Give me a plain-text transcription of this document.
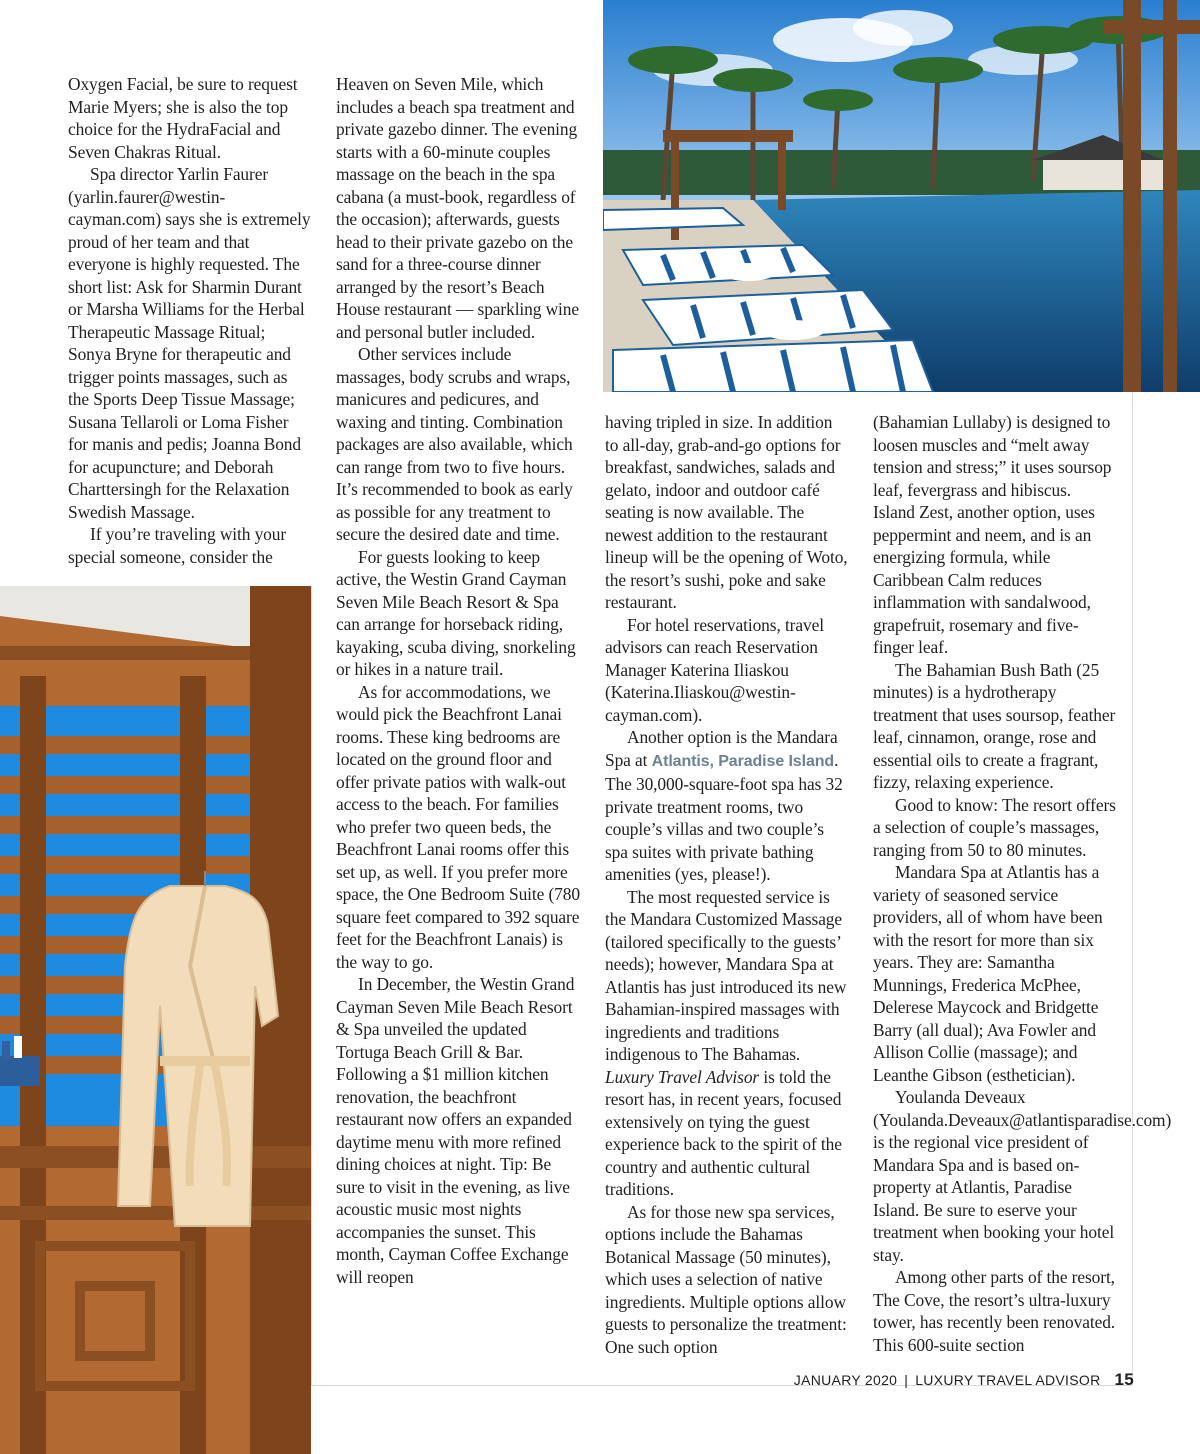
Oxygen Facial, be sure to request Marie Myers; she is also the top choice for the HydraFacial and Seven Chakras Ritual.

Spa director Yarlin Faurer (yarlin.faurer@westin-cayman.com) says she is extremely proud of her team and that everyone is highly requested. The short list: Ask for Sharmin Durant or Marsha Williams for the Herbal Therapeutic Massage Ritual; Sonya Bryne for therapeutic and trigger points massages, such as the Sports Deep Tissue Massage; Susana Tellaroli or Loma Fisher for manis and pedis; Joanna Bond for acupuncture; and Deborah Charttersingh for the Relaxation Swedish Massage.

If you’re traveling with your special someone, consider the

Heaven on Seven Mile, which includes a beach spa treatment and private gazebo dinner. The evening starts with a 60-minute couples massage on the beach in the spa cabana (a must-book, regardless of the occasion); afterwards, guests head to their private gazebo on the sand for a three-course dinner arranged by the resort’s Beach House restaurant — sparkling wine and personal butler included.

Other services include massages, body scrubs and wraps, manicures and pedicures, and waxing and tinting. Combination packages are also available, which can range from two to five hours. It’s recommended to book as early as possible for any treatment to secure the desired date and time.

For guests looking to keep active, the Westin Grand Cayman Seven Mile Beach Resort & Spa can arrange for horseback riding, kayaking, scuba diving, snorkeling or hikes in a nature trail.

As for accommodations, we would pick the Beachfront Lanai rooms. These king bedrooms are located on the ground floor and offer private patios with walk-out access to the beach. For families who prefer two queen beds, the Beachfront Lanai rooms offer this set up, as well. If you prefer more space, the One Bedroom Suite (780 square feet compared to 392 square feet for the Beachfront Lanais) is the way to go.

In December, the Westin Grand Cayman Seven Mile Beach Resort & Spa unveiled the updated Tortuga Beach Grill & Bar. Following a $1 million kitchen renovation, the beachfront restaurant now offers an expanded daytime menu with more refined dining choices at night. Tip: Be sure to visit in the evening, as live acoustic music most nights accompanies the sunset. This month, Cayman Coffee Exchange will reopen

having tripled in size. In addition to all-day, grab-and-go options for breakfast, sandwiches, salads and gelato, indoor and outdoor café seating is now available. The newest addition to the restaurant lineup will be the opening of Woto, the resort’s sushi, poke and sake restaurant.

For hotel reservations, travel advisors can reach Reservation Manager Katerina Iliaskou (Katerina.Iliaskou@westin-cayman.com).

Another option is the Mandara Spa at Atlantis, Paradise Island. The 30,000-square-foot spa has 32 private treatment rooms, two couple’s villas and two couple’s spa suites with private bathing amenities (yes, please!).

The most requested service is the Mandara Customized Massage (tailored specifically to the guests’ needs); however, Mandara Spa at Atlantis has just introduced its new Bahamian-inspired massages with ingredients and traditions indigenous to The Bahamas. Luxury Travel Advisor is told the resort has, in recent years, focused extensively on tying the guest experience back to the spirit of the country and authentic cultural traditions.

As for those new spa services, options include the Bahamas Botanical Massage (50 minutes), which uses a selection of native ingredients. Multiple options allow guests to personalize the treatment: One such option

(Bahamian Lullaby) is designed to loosen muscles and “melt away tension and stress;” it uses soursop leaf, fevergrass and hibiscus. Island Zest, another option, uses peppermint and neem, and is an energizing formula, while Caribbean Calm reduces inflammation with sandalwood, grapefruit, rosemary and five-finger leaf.

The Bahamian Bush Bath (25 minutes) is a hydrotherapy treatment that uses soursop, feather leaf, cinnamon, orange, rose and essential oils to create a fragrant, fizzy, relaxing experience.

Good to know: The resort offers a selection of couple’s massages, ranging from 50 to 80 minutes.

Mandara Spa at Atlantis has a variety of seasoned service providers, all of whom have been with the resort for more than six years. They are: Samantha Munnings, Frederica McPhee, Delerese Maycock and Bridgette Barry (all dual); Ava Fowler and Allison Collie (massage); and Leanthe Gibson (esthetician).

Youlanda Deveaux (Youlanda.Deveaux@atlantisparadise.com) is the regional vice president of Mandara Spa and is based on-property at Atlantis, Paradise Island. Be sure to eserve your treatment when booking your hotel stay.

Among other parts of the resort, The Cove, the resort’s ultra-luxury tower, has recently been renovated. This 600-suite section

JANUARY 2020 | LUXURY TRAVEL ADVISOR 15
